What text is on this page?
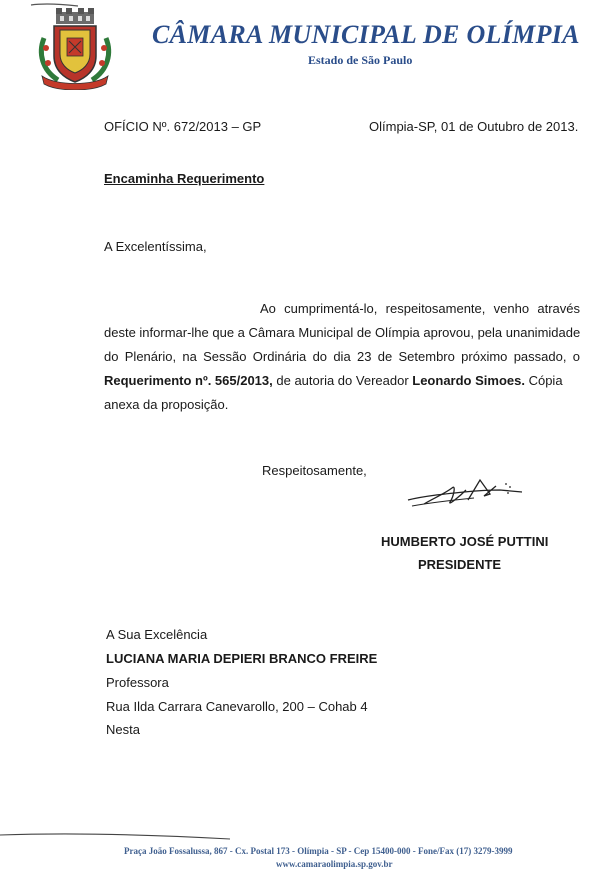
CÂMARA MUNICIPAL DE OLÍMPIA
Estado de São Paulo
OFÍCIO Nº. 672/2013 – GP	Olímpia-SP, 01 de Outubro de 2013.
Encaminha Requerimento
A Excelentíssima,
Ao cumprimentá-lo, respeitosamente, venho através
deste informar-lhe que a Câmara Municipal de Olímpia aprovou, pela unanimidade
do Plenário, na Sessão Ordinária do dia 23 de Setembro próximo passado, o
Requerimento nº. 565/2013, de autoria do Vereador Leonardo Simoes. Cópia
anexa da proposição.
Respeitosamente,
HUMBERTO JOSÉ PUTTINI
PRESIDENTE
A Sua Excelência
LUCIANA MARIA DEPIERI BRANCO FREIRE
Professora
Rua Ilda Carrara Canevarollo, 200 – Cohab 4
Nesta
Praça João Fossalussa, 867 - Cx. Postal 173 - Olímpia - SP - Cep 15400-000 - Fone/Fax (17) 3279-3999
www.camaraolimpia.sp.gov.br
